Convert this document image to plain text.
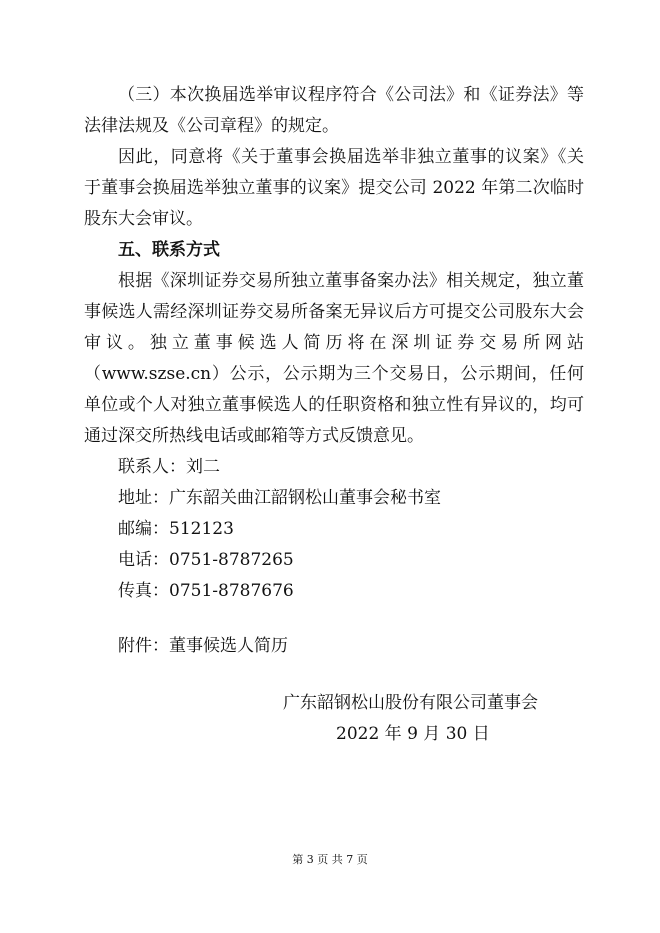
（三）本次换届选举审议程序符合《公司法》和《证券法》等法律法规及《公司章程》的规定。

因此，同意将《关于董事会换届选举非独立董事的议案》《关于董事会换届选举独立董事的议案》提交公司 2022 年第二次临时股东大会审议。

五、联系方式

根据《深圳证券交易所独立董事备案办法》相关规定，独立董事候选人需经深圳证券交易所备案无异议后方可提交公司股东大会审议。独立董事候选人简历将在深圳证券交易所网站（www.szse.cn）公示，公示期为三个交易日，公示期间，任何单位或个人对独立董事候选人的任职资格和独立性有异议的，均可通过深交所热线电话或邮箱等方式反馈意见。

联系人：刘二

地址：广东韶关曲江韶钢松山董事会秘书室

邮编：512123

电话：0751-8787265

传真：0751-8787676

附件：董事候选人简历

广东韶钢松山股份有限公司董事会
2022 年 9 月 30 日
第 3 页 共 7 页
